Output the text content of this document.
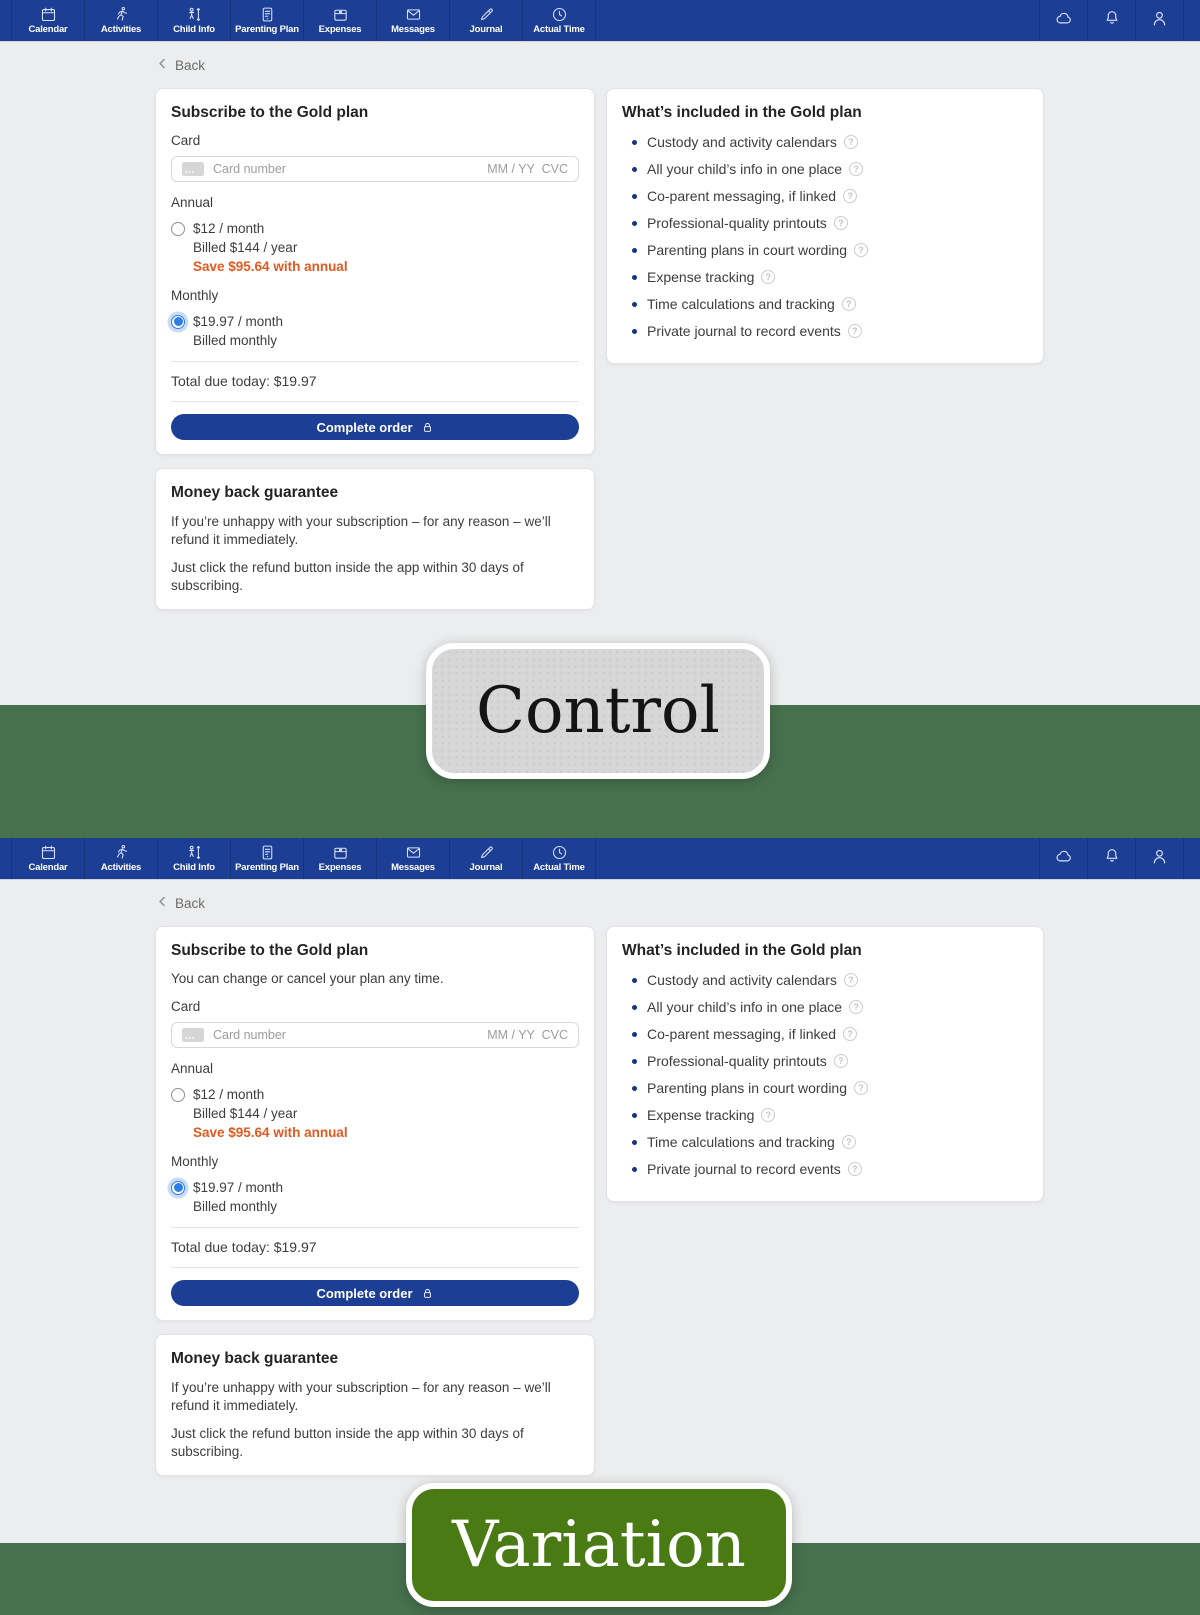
Calendar	Activities	Child Info Parenting Plan Expenses	Messages	Journal	Actual Time
Back
Subscribe to the Gold plan
Card
Card number	MM / YY  CVC
Annual
$12 / month
Billed $144 / year
Save $95.64 with annual
Monthly
$19.97 / month
Billed monthly
Total due today: $19.97
Complete order
What’s included in the Gold plan
Custody and activity calendars
?
All your child’s info in one place
?
Co-parent messaging, if linked
?
Professional-quality printouts
?
Parenting plans in court wording
?
Expense tracking
?
Time calculations and tracking
?
Private journal to record events
?
Money back guarantee

If you’re unhappy with your subscription – for any reason – we’ll refund it immediately.

Just click the refund button inside the app within 30 days of subscribing.

Calendar	Activities	Child Info Parenting Plan Expenses	Messages	Journal	Actual Time
Back
Subscribe to the Gold plan

You can change or cancel your plan any time.

Card
Card number	MM / YY  CVC
Annual
$12 / month
Billed $144 / year
Save $95.64 with annual
Monthly
$19.97 / month
Billed monthly
Total due today: $19.97
Complete order
What’s included in the Gold plan
Custody and activity calendars
?
All your child’s info in one place
?
Co-parent messaging, if linked
?
Professional-quality printouts
?
Parenting plans in court wording
?
Expense tracking
?
Time calculations and tracking
?
Private journal to record events
?
Money back guarantee

If you’re unhappy with your subscription – for any reason – we’ll refund it immediately.

Just click the refund button inside the app within 30 days of subscribing.

Control
Variation
